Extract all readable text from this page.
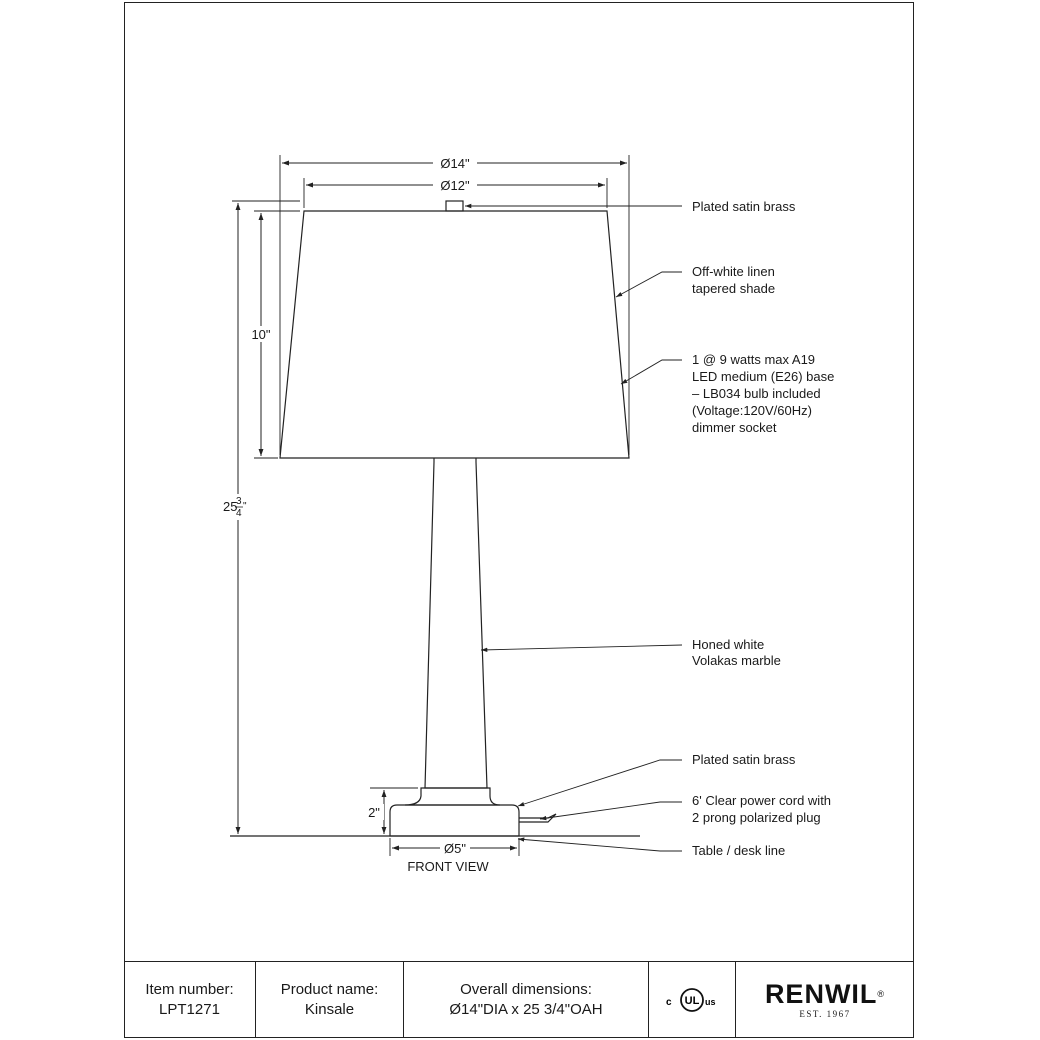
Ø14"
Ø12"
10"
25
3
4
"
2"
Ø5"
FRONT VIEW
Plated satin brass
Off-white linen
tapered shade
1 @ 9 watts max A19
LED medium (E26) base
– LB034 bulb included
(Voltage:120V/60Hz)
dimmer socket
Honed white
Volakas marble
Plated satin brass
6' Clear power cord with
2 prong polarized plug
Table / desk line
Item number:
LPT1271
Product name:
Kinsale
Overall dimensions:
Ø14"DIA x 25 3/4"OAH	c UL us RENWIL®
EST. 1967
